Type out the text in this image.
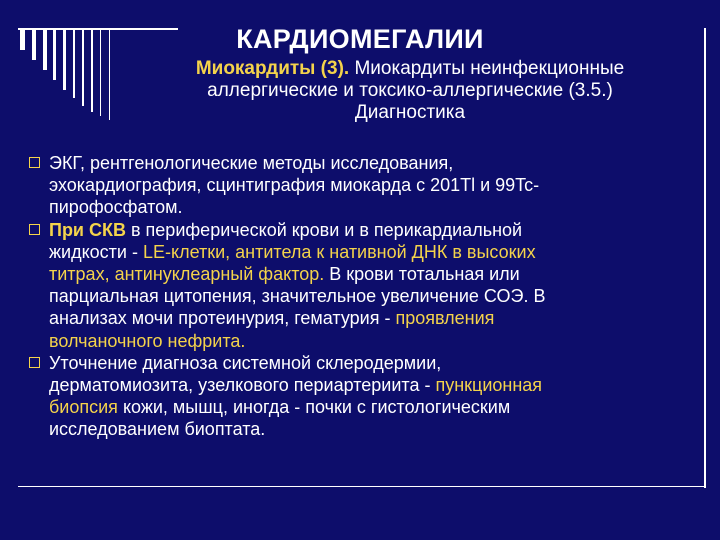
КАРДИОМЕГАЛИИ
Миокардиты (3). Миокардиты неинфекционные аллергические и токсико-аллергические (3.5.)
Диагностика
ЭКГ, рентгенологические методы исследования, эхокардиография, сцинтиграфия миокарда с 201Tl и 99Tc-пирофосфатом.
При СКВ в периферической крови и в перикардиальной жидкости - LE-клетки, антитела к нативной ДНК в высоких титрах, антинуклеарный фактор. В крови тотальная или парциальная цитопения, значительное увеличение СОЭ. В анализах мочи протеинурия, гематурия - проявления волчаночного нефрита.
Уточнение диагноза системной склеродермии, дерматомиозита, узелкового периартериита - пункционная биопсия кожи, мышц, иногда - почки с гистологическим исследованием биоптата.
